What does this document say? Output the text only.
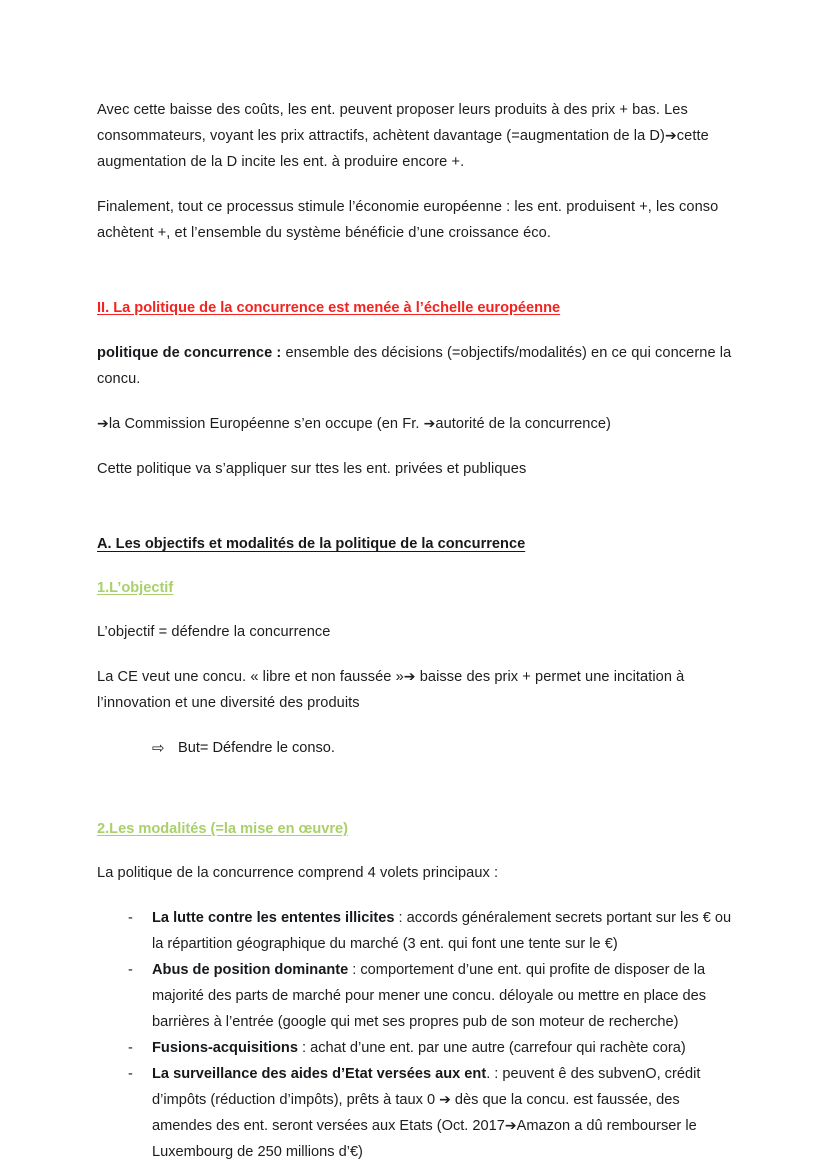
Avec cette baisse des coûts, les ent. peuvent proposer leurs produits à des prix + bas. Les consommateurs, voyant les prix attractifs, achètent davantage (=augmentation de la D)➔cette augmentation de la D incite les ent. à produire encore +.

Finalement, tout ce processus stimule l’économie européenne : les ent. produisent +, les conso achètent +, et l’ensemble du système bénéficie d’une croissance éco.

II. La politique de la concurrence est menée à l’échelle européenne

politique de concurrence : ensemble des décisions (=objectifs/modalités) en ce qui concerne la concu.

➔la Commission Européenne s’en occupe (en Fr. ➔autorité de la concurrence)

Cette politique va s’appliquer sur ttes les ent. privées et publiques

A. Les objectifs et modalités de la politique de la concurrence
1.L’objectif

L’objectif = défendre la concurrence

La CE veut une concu. « libre et non faussée »➔ baisse des prix + permet une incitation à l’innovation et une diversité des produits

⇨ But= Défendre le conso.
2.Les modalités (=la mise en œuvre)

La politique de la concurrence comprend 4 volets principaux :

-	La lutte contre les ententes illicites : accords généralement secrets portant sur les € ou la répartition géographique du marché (3 ent. qui font une tente sur le €)
-	Abus de position dominante : comportement d’une ent. qui profite de disposer de la majorité des parts de marché pour mener une concu. déloyale ou mettre en place des barrières à l’entrée (google qui met ses propres pub de son moteur de recherche)
-	Fusions-acquisitions : achat d’une ent. par une autre (carrefour qui rachète cora)
-	La surveillance des aides d’Etat versées aux ent. : peuvent ê des subvenO, crédit d’impôts (réduction d’impôts), prêts à taux 0 ➔ dès que la concu. est faussée, des amendes des ent. seront versées aux Etats (Oct. 2017➔Amazon a dû rembourser le Luxembourg de 250 millions d’€)
